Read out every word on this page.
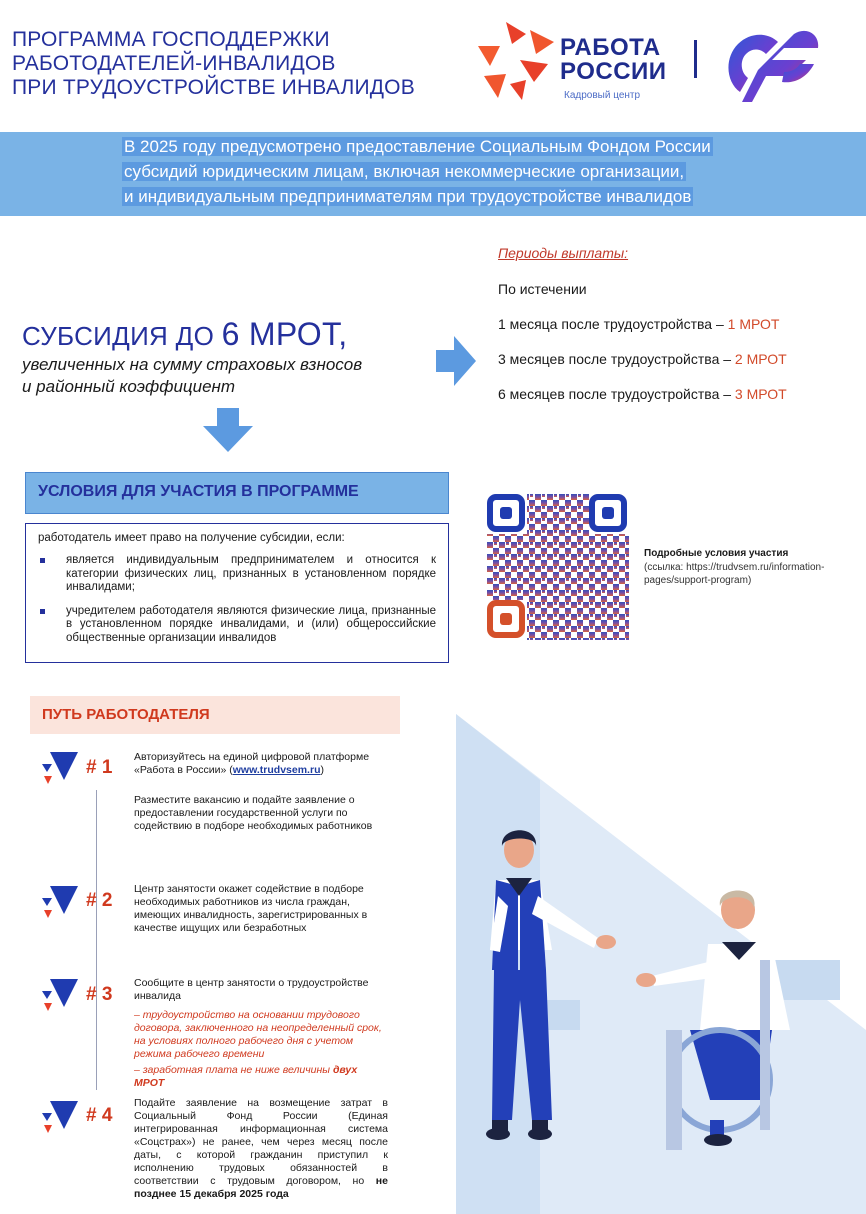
ПРОГРАММА ГОСПОДДЕРЖКИ
РАБОТОДАТЕЛЕЙ-ИНВАЛИДОВ
ПРИ ТРУДОУСТРОЙСТВЕ ИНВАЛИДОВ
РАБОТА
РОССИИ
Кадровый центр
В 2025 году предусмотрено предоставление Социальным Фондом России
субсидий юридическим лицам, включая некоммерческие организации,
и индивидуальным предпринимателям при трудоустройстве инвалидов
СУБСИДИЯ ДО 6 МРОТ,
увеличенных на сумму страховых взносов
и районный коэффициент
Периоды выплаты:
По истечении
1 месяца после трудоустройства – 1 МРОТ
3 месяцев после трудоустройства – 2 МРОТ
6 месяцев после трудоустройства – 3 МРОТ
УСЛОВИЯ ДЛЯ УЧАСТИЯ В ПРОГРАММЕ
работодатель имеет право на получение субсидии, если:
является индивидуальным предпринимателем и относится к категории физических лиц, признанных в установленном порядке инвалидами;
учредителем работодателя являются физические лица, признанные в установленном порядке инвалидами, и (или) общероссийские общественные организации инвалидов
Подробные условия участия
(ссылка: https://trudvsem.ru/information-pages/support-program)
ПУТЬ РАБОТОДАТЕЛЯ
# 1
# 2
# 3
# 4
Авторизуйтесь на единой цифровой платформе «Работа в России» (www.trudvsem.ru)
Разместите вакансию и подайте заявление о предоставлении государственной услуги по содействию в подборе необходимых работников
Центр занятости окажет содействие в подборе необходимых работников из числа граждан, имеющих инвалидность, зарегистрированных в качестве ищущих или безработных
Сообщите в центр занятости о трудоустройстве инвалида
– трудоустройство на основании трудового договора, заключенного на неопределенный срок, на условиях полного рабочего дня с учетом режима рабочего времени
– заработная плата не ниже величины двух МРОТ
Подайте заявление на возмещение затрат в Социальный Фонд России (Единая интегрированная информационная система «Соцстрах») не ранее, чем через месяц после даты, с которой гражданин приступил к исполнению трудовых обязанностей в соответствии с трудовым договором, но не позднее 15 декабря 2025 года
